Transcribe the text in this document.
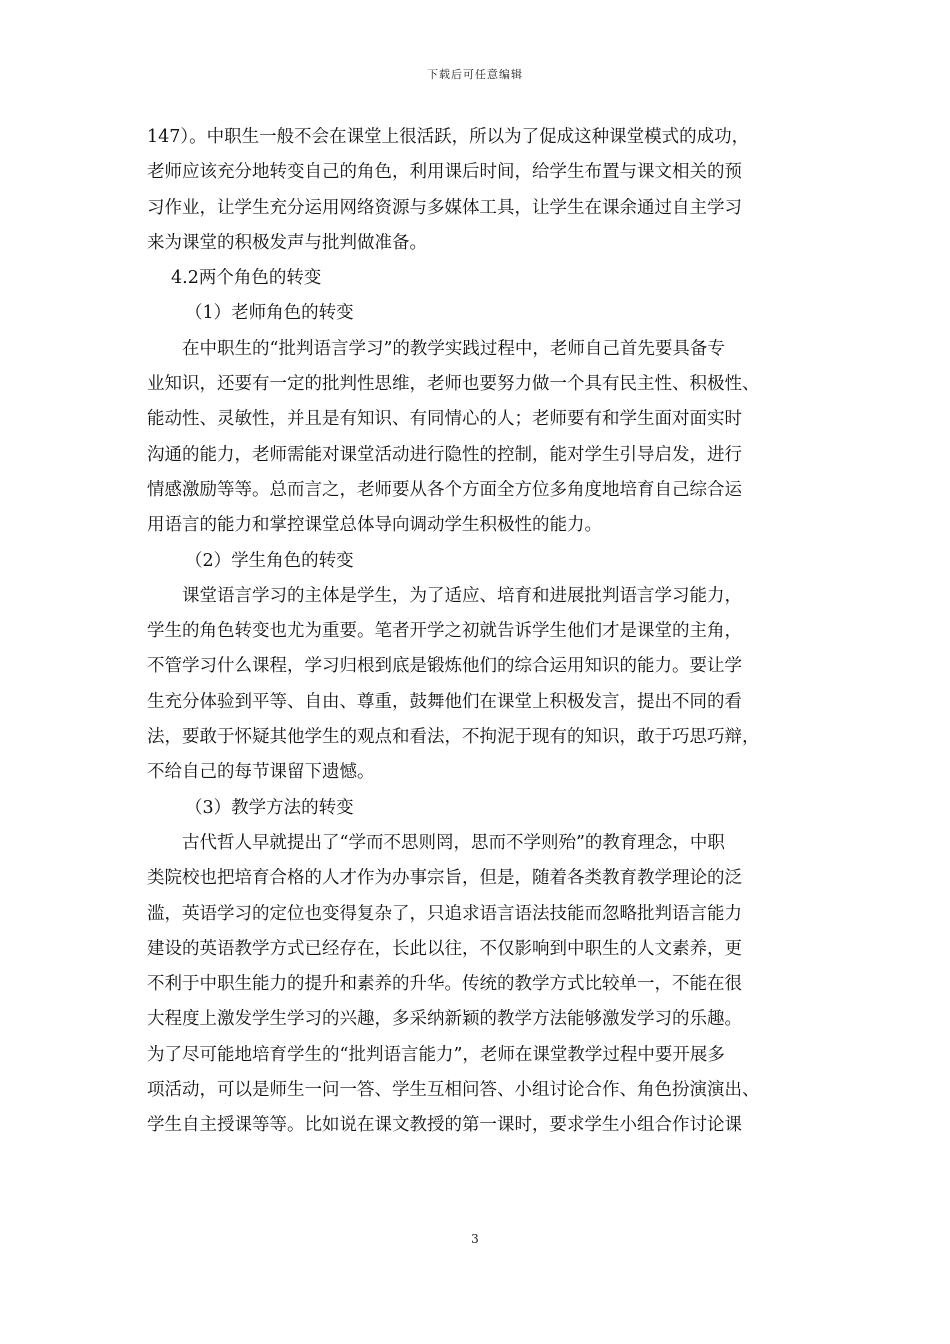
下载后可任意编辑
147）。中职生一般不会在课堂上很活跃，所以为了促成这种课堂模式的成功，
老师应该充分地转变自己的角色，利用课后时间，给学生布置与课文相关的预
习作业，让学生充分运用网络资源与多媒体工具，让学生在课余通过自主学习
来为课堂的积极发声与批判做准备。
4.2两个角色的转变
（1）老师角色的转变
在中职生的“批判语言学习”的教学实践过程中，老师自己首先要具备专
业知识，还要有一定的批判性思维，老师也要努力做一个具有民主性、积极性、
能动性、灵敏性，并且是有知识、有同情心的人；老师要有和学生面对面实时
沟通的能力，老师需能对课堂活动进行隐性的控制，能对学生引导启发，进行
情感激励等等。总而言之，老师要从各个方面全方位多角度地培育自己综合运
用语言的能力和掌控课堂总体导向调动学生积极性的能力。
（2）学生角色的转变
课堂语言学习的主体是学生，为了适应、培育和进展批判语言学习能力，
学生的角色转变也尤为重要。笔者开学之初就告诉学生他们才是课堂的主角，
不管学习什么课程，学习归根到底是锻炼他们的综合运用知识的能力。要让学
生充分体验到平等、自由、尊重，鼓舞他们在课堂上积极发言，提出不同的看
法，要敢于怀疑其他学生的观点和看法，不拘泥于现有的知识，敢于巧思巧辩，
不给自己的每节课留下遗憾。
（3）教学方法的转变
古代哲人早就提出了“学而不思则罔，思而不学则殆”的教育理念，中职
类院校也把培育合格的人才作为办事宗旨，但是，随着各类教育教学理论的泛
滥，英语学习的定位也变得复杂了，只追求语言语法技能而忽略批判语言能力
建设的英语教学方式已经存在，长此以往，不仅影响到中职生的人文素养，更
不利于中职生能力的提升和素养的升华。传统的教学方式比较单一，不能在很
大程度上激发学生学习的兴趣，多采纳新颖的教学方法能够激发学习的乐趣。
为了尽可能地培育学生的“批判语言能力”，老师在课堂教学过程中要开展多
项活动，可以是师生一问一答、学生互相问答、小组讨论合作、角色扮演演出、
学生自主授课等等。比如说在课文教授的第一课时，要求学生小组合作讨论课
3
